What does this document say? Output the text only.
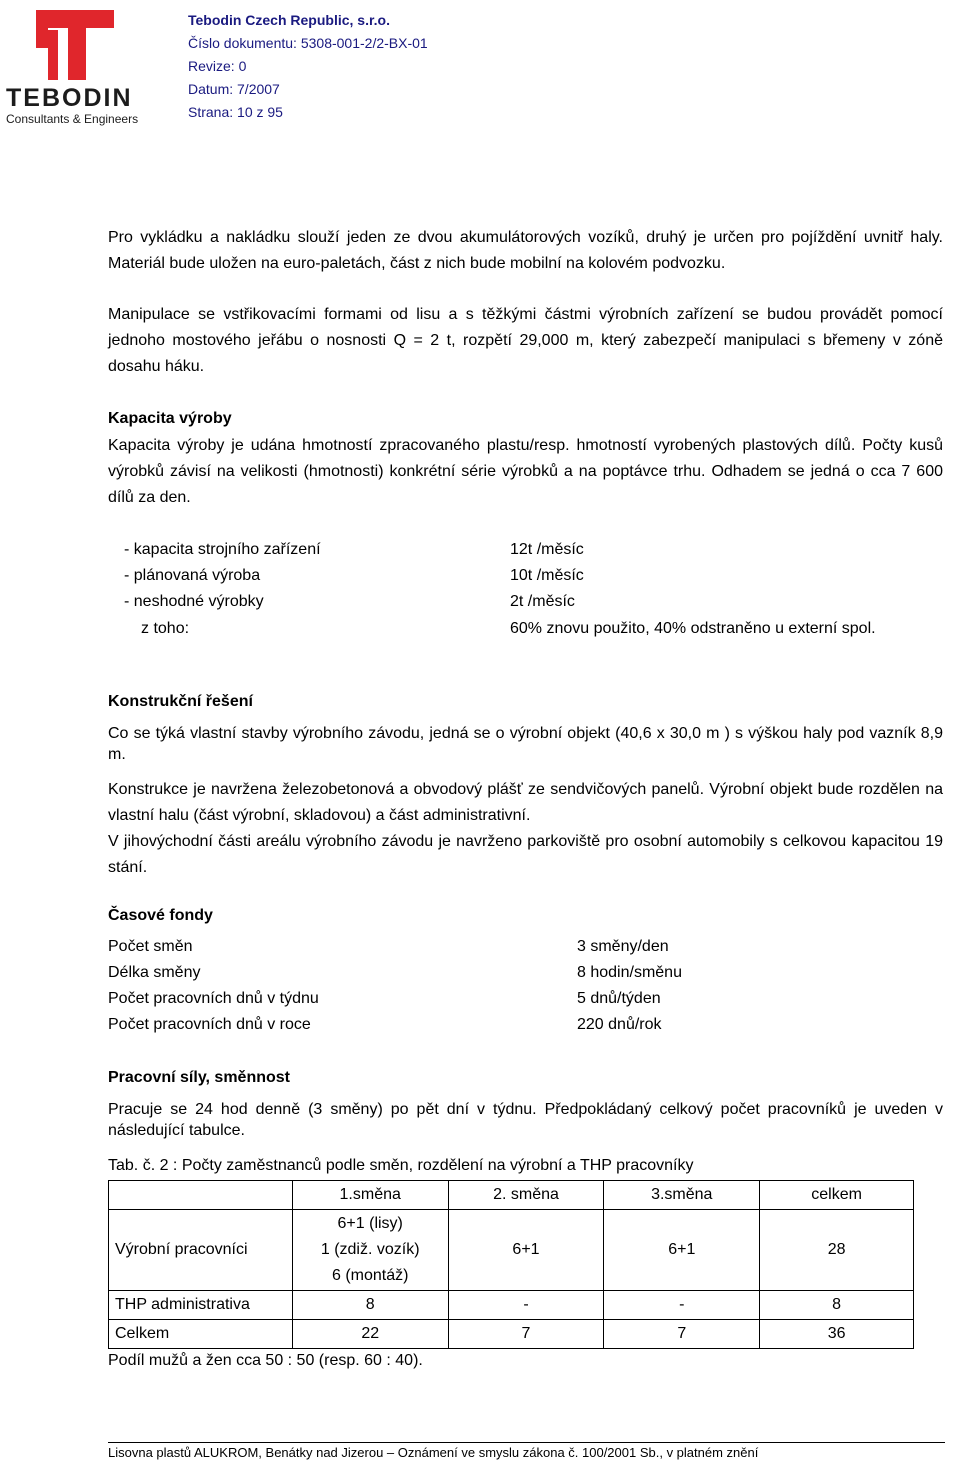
TEBODIN
Consultants & Engineers
Tebodin Czech Republic, s.r.o.
Číslo dokumentu: 5308-001-2/2-BX-01
Revize: 0
Datum: 7/2007
Strana: 10 z 95
Pro vykládku a nakládku slouží jeden ze dvou akumulátorových vozíků, druhý je určen pro pojíždění uvnitř haly. Materiál bude uložen na euro-paletách, část z nich bude mobilní na kolovém podvozku.
Manipulace se vstřikovacími formami od lisu a s těžkými částmi výrobních zařízení se budou provádět pomocí jednoho mostového jeřábu o nosnosti Q = 2 t, rozpětí 29,000 m, který zabezpečí manipulaci s břemeny v zóně dosahu háku.
Kapacita výroby
Kapacita výroby je udána hmotností zpracovaného plastu/resp. hmotností vyrobených plastových dílů. Počty kusů výrobků závisí na velikosti (hmotnosti) konkrétní série výrobků a na poptávce trhu. Odhadem se jedná o cca 7 600 dílů za den.
- kapacita strojního zařízení	12t /měsíc
- plánovaná výroba	10t /měsíc
- neshodné výrobky	2t /měsíc
z toho:	60% znovu použito, 40% odstraněno u externí spol.
Konstrukční řešení
Co se týká vlastní stavby výrobního závodu, jedná se o výrobní objekt (40,6 x 30,0 m ) s výškou haly pod vazník 8,9 m.
Konstrukce je navržena železobetonová a obvodový plášť ze sendvičových panelů. Výrobní objekt bude rozdělen na vlastní halu (část výrobní, skladovou) a část administrativní.
V jihovýchodní části areálu výrobního závodu je navrženo parkoviště pro osobní automobily s celkovou kapacitou 19 stání.
Časové fondy
Počet směn	3 směny/den
Délka směny	8 hodin/směnu
Počet pracovních dnů v týdnu	5 dnů/týden
Počet pracovních dnů v roce	220 dnů/rok
Pracovní síly, směnnost
Pracuje se 24 hod denně (3 směny) po pět dní v týdnu. Předpokládaný celkový počet pracovníků je uveden v následující tabulce.
Tab. č. 2 : Počty zaměstnanců podle směn, rozdělení na výrobní a THP pracovníky
	1.směna	2. směna	3.směna	celkem
Výrobní pracovníci	6+1 (lisy)
1 (zdiž. vozík)
6 (montáž)	6+1	6+1	28
THP administrativa	8	-	-	8
Celkem	22	7	7	36
Podíl mužů a žen cca 50 : 50 (resp. 60 : 40).
Lisovna plastů ALUKROM, Benátky nad Jizerou – Oznámení ve smyslu zákona č. 100/2001 Sb., v platném znění
